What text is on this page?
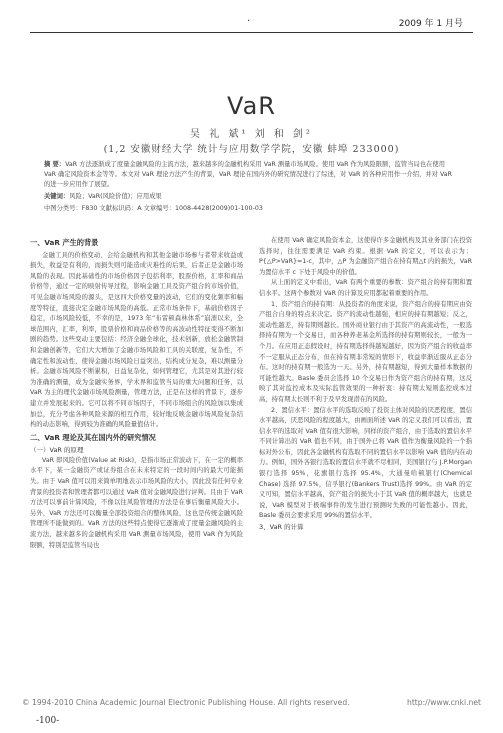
·	2009 年 1 月号
VaR
吴 礼 斌¹ 刘 和 剑²
(1,2 安徽财经大学 统计与应用数学学院，安徽 蚌埠 233000)
摘 要：VaR 方法逐渐成了度量金融风险的主流方法，越来越多的金融机构采用 VaR 测量市场风险。使用 VaR 作为风险限额，监管当局也在使用 VaR 确定风险资本金等等。本文对 VaR 理论方法产生的背景，VaR 理论在国内外的研究情况进行了综述，对 VaR 的各种应用作一介绍，并对 VaR 的进一步应用作了展望。
关键词：风险；VaR(风险价值)；应用成果
中图分类号：F830 文献标识码：A 文章编号：1008-4428(2009)01-100-03

一、VaR 产生的背景

金融工具的价格变动、会给金融机构和其他金融市场参与者带来收益或损失，收益是有利的，而损失则可能造成灾难性的后果，后者正是金融市场风险的表现。因此基础性的市场价格因子包括利率，股票价格，汇率和商品价格等，通过一定的映射传导过程，影响金融工具及资产组合的市场价值，可见金融市场风险的源头，是这四大价格变量的波动，它们的变化频率和幅度等特征，直接决定金融市场风险的高低。正常市场条件下，基础价格因子稳定，市场风险较低，不幸的是，1973 年“布雷顿森林体系”崩溃以来，全球范围内，汇率，利率，股票价格和商品价格等的高波动性特征变得不断加剧的趋势。这些变动主要包括：经济全融全球化，技术创新，放松金融管制和金融创新等，它们大大增加了金融市场风险和工具的关联度，复杂性，不确定性和波动性，使得金融市场风险日益突出，结构成分复杂，难以测量分析。金融市场风险不断累积，日益复杂化，如何管理它，尤其是对其进行较为准确的测量，成为金融实务界，学术界和监管当局的重大问题和任务，以 VaR 为主的理代金融市场风险测量，管理方法，正是在这样的背景下，逐步建立并发展起来的。它可以将不同市场因子，不同市场组合的风险加以集成加总，充分考虑各种风险来源的相互作用，较好地反映金融市场风险复杂结构的动态影响，得到较为准确的风险量值估计。

二、VaR 理论及其在国内外的研究情况

（一）VaR 的原理

VaR 即风险价值(Value at Risk)，是指市场正常波动下，在一定的概率水平下，某一金融资产或证券组合在未来特定的一段时间内的最大可能损失。由于 VaR 值可以用来简单明地表示市场风险的大小，因此没有任何专业背景的投资者和管理者都可以通过 VaR 值对金融风险进行评判。且由于 VaR 方法可以事前计算风险，不像以往风险管理的方法是在事后衡量风险大小。另外，VaR 方法还可以衡量全部投资组合的整体风险，这也是传统金融风险管理所不能做到的。VaR 方法的这些特点使得它逐渐成了度量金融风险的主流方法，越来越多的金融机构采用 VaR 测量市场风险，使用 VaR 作为风险限额，特别是监管当局也

在使用 VaR 确定风险资本金，这使得许多金融机构及其业务部门在投资选择时，往往需要满足 VaR 约束。根据 VaR 的定义，可以表示为：P{△P>VaR}=1-c，其中，△P 为金融资产组合在持有期△t 内的损失，VaR 为置信水平 c 下处于风险中的价值。

从上面的定义中看出，VaR 有两个重要的参数：资产组合的持有期和置信水平。这两个参数对 VaR 的计算及应用都起着重要的作用。

1、资产组合的持有期：从投资者的角度来说，资产组合的持有期应由资产组合自身的特点来决定。资产的流动性越强，相应的持有期越短；反之，流动性越差，持有期则越长。国外商业银行由于其资产的高流动性，一般选择持有期为一个交易日，而各种养老基金所选择的持有期则较长，一般为一个月。在应用正态假设时，持有期选择得越短越好，因为资产组合的收益率不一定服从正态分布，但在持有期非常短的情形下，收益率渐近服从正态分布。这时的持有期一般选为一天。另外，持有期越短，得到大量样本数据的可能性越大。Basle 委员会选择 10 个交易日作为资产组合的持有期，这反映了其对监控成本及实际监管效果的一种折衷：持有期太短则监控成本过高，持有期太长则不利于及早发现潜在的风险。

2、置信水平：置信水平的选取反映了投资主体对风险的厌恶程度，置信水平越高，厌恶风险的程度越大，由画面所述 VaR 的定义我们可以看出，置信水平的选取对 VaR 值有很大影响，同样的资产组合，由于选取的置信水平不同计算出的 VaR 值也不同，由于国外已将 VaR 值作为衡量风险的一个指标对外公布，因此各金融机构有选取不同的置信水平以影响 VaR 值的内在动力。例如，国外各银行选取的置信水平就不尽相同，美国银行与 J.P.Morgan 银行选择 95%，花旗银行选择 95.4%，大通曼哈顿银行(Chemical Chase) 选择 97.5%，信孚银行(Bankers Trust)选择 99%。由 VaR 的定义可知，置信水平越高，资产组合的损失小于其 VaR 值的概率越大，也就是说，VaR 模型对于极端事件的发生进行预测时失败的可能性越小。因此，Basle 委员会要求采用 99%的置信水平。

3、VaR 的计算

© 1994-2010 China Academic Journal Electronic Publishing House. All rights reserved.	http://www.cnki.net
-100-
